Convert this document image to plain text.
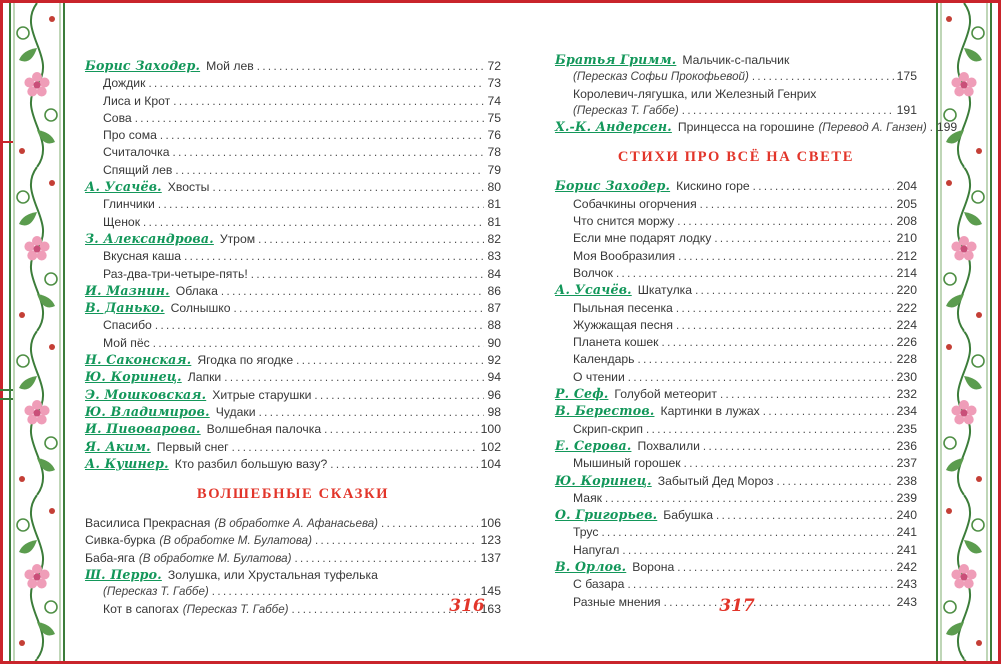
Борис Заходер. Мой лев .....	72
Дождик .....	73
Лиса и Крот .....	74
Сова .....	75
Про сома .....	76
Считалочка .....	78
Спящий лев .....	79
А. Усачёв. Хвосты .....	80
Глинчики .....	81
Щенок .....	81
З. Александрова. Утром .....	82
Вкусная каша .....	83
Раз-два-три-четыре-пять! .....	84
И. Мазнин. Облака .....	86
В. Данько. Солнышко .....	87
Спасибо .....	88
Мой пёс .....	90
Н. Саконская. Ягодка по ягодке .....	92
Ю. Коринец. Лапки .....	94
Э. Мошковская. Хитрые старушки .....	96
Ю. Владимиров. Чудаки .....	98
И. Пивоварова. Волшебная палочка .....	100
Я. Аким. Первый снег .....	102
А. Кушнер. Кто разбил большую вазу? .....	104
ВОЛШЕБНЫЕ СКАЗКИ
Василиса Прекрасная (В обработке А. Афанасьева) .....	106
Сивка-бурка (В обработке М. Булатова) .....	123
Баба-яга (В обработке М. Булатова) .....	137
Ш. Перро. Золушка, или Хрустальная туфелька
(Пересказ Т. Габбе) .....	145
Кот в сапогах (Пересказ Т. Габбе) .....	163
Братья Гримм. Мальчик-с-пальчик
(Пересказ Софьи Прокофьевой) .....	175
Королевич-лягушка, или Железный Генрих
(Пересказ Т. Габбе) .....	191
Х.-К. Андерсен. Принцесса на горошине (Перевод А. Ганзен) ..... 199
СТИХИ ПРО ВСЁ НА СВЕТЕ
Борис Заходер. Кискино горе .....	204
Собачкины огорчения .....	205
Что снится моржу .....	208
Если мне подарят лодку .....	210
Моя Вообразилия .....	212
Волчок .....	214
А. Усачёв. Шкатулка .....	220
Пыльная песенка .....	222
Жужжащая песня .....	224
Планета кошек .....	226
Календарь .....	228
О чтении .....	230
Р. Сеф. Голубой метеорит .....	232
В. Берестов. Картинки в лужах .....	234
Скрип-скрип .....	235
Е. Серова. Похвалили .....	236
Мышиный горошек .....	237
Ю. Коринец. Забытый Дед Мороз .....	238
Маяк .....	239
О. Григорьев. Бабушка .....	240
Трус .....	241
Напугал .....	241
В. Орлов. Ворона .....	242
С базара .....	243
Разные мнения .....	243
316	317
